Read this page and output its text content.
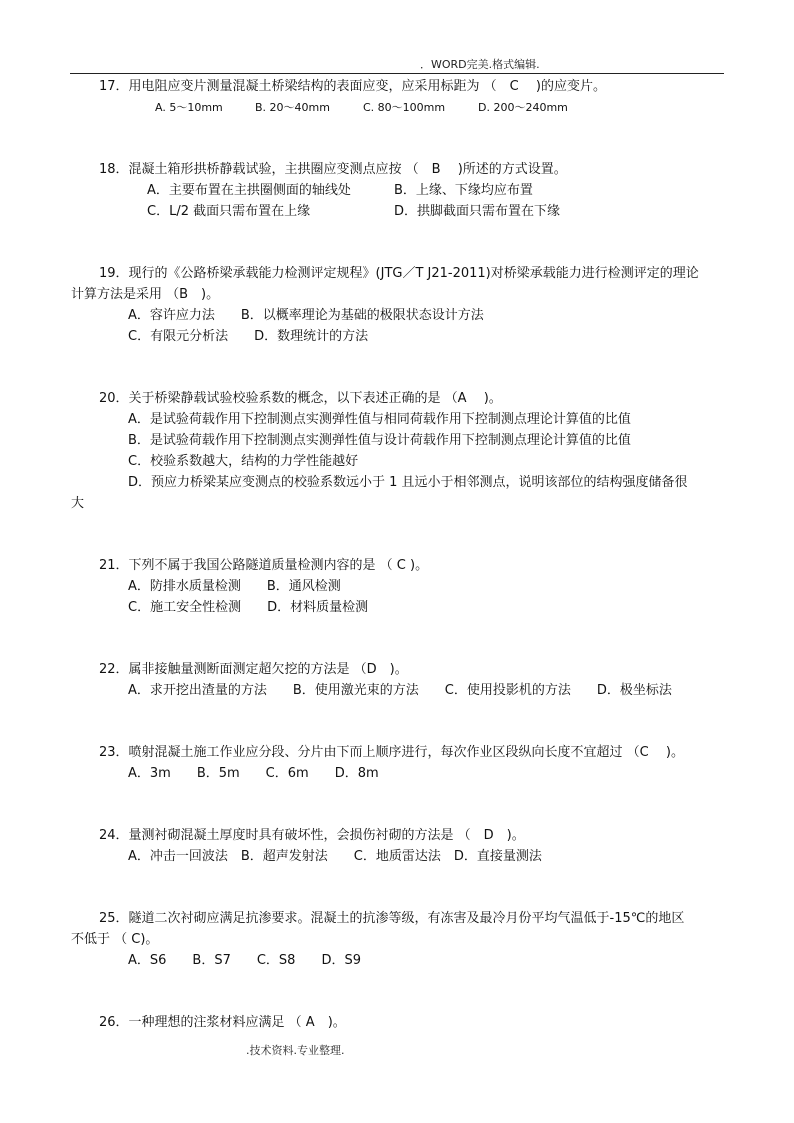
．WORD完美.格式编辑.
17．用电阻应变片测量混凝土桥梁结构的表面应变，应采用标距为 （　C　 )的应变片。
A. 5～10mm	B. 20～40mm	C. 80～100mm	D. 200～240mm
18．混凝土箱形拱桥静载试验，主拱圈应变测点应按 （　B　 )所述的方式设置。
A．主要布置在主拱圈侧面的轴线处	B．上缘、下缘均应布置
C．L/2 截面只需布置在上缘	D．拱脚截面只需布置在下缘
19．现行的《公路桥梁承载能力检测评定规程》(JTG／T J21-2011)对桥梁承载能力进行检测评定的理论
计算方法是采用 （B　)。
A．容许应力法　　B．以概率理论为基础的极限状态设计方法
C．有限元分析法　　D．数理统计的方法
20．关于桥梁静载试验校验系数的概念，以下表述正确的是 （A　 )。
A．是试验荷载作用下控制测点实测弹性值与相同荷载作用下控制测点理论计算值的比值
B．是试验荷载作用下控制测点实测弹性值与设计荷载作用下控制测点理论计算值的比值
C．校验系数越大，结构的力学性能越好
D．预应力桥梁某应变测点的校验系数远小于 1 且远小于相邻测点，说明该部位的结构强度储备很
大
21．下列不属于我国公路隧道质量检测内容的是 （ C )。
A．防排水质量检测　　B．通风检测
C．施工安全性检测　　D．材料质量检测
22．属非接触量测断面测定超欠挖的方法是 （D　)。
A．求开挖出渣量的方法　　B．使用激光束的方法　　C．使用投影机的方法　　D．极坐标法
23．喷射混凝土施工作业应分段、分片由下而上顺序进行，每次作业区段纵向长度不宜超过 （C　 )。
A．3m　　B．5m　　C．6m　　D．8m
24．量测衬砌混凝土厚度时具有破坏性，会损伤衬砌的方法是 （　D　)。
A．冲击一回波法　B．超声发射法　　C．地质雷达法　D．直接量测法
25．隧道二次衬砌应满足抗渗要求。混凝土的抗渗等级，有冻害及最冷月份平均气温低于-15℃的地区
不低于 （ C)。
A．S6　　B．S7　　C．S8　　D．S9
26．一种理想的注浆材料应满足 （ A　)。
.技术资料.专业整理.
